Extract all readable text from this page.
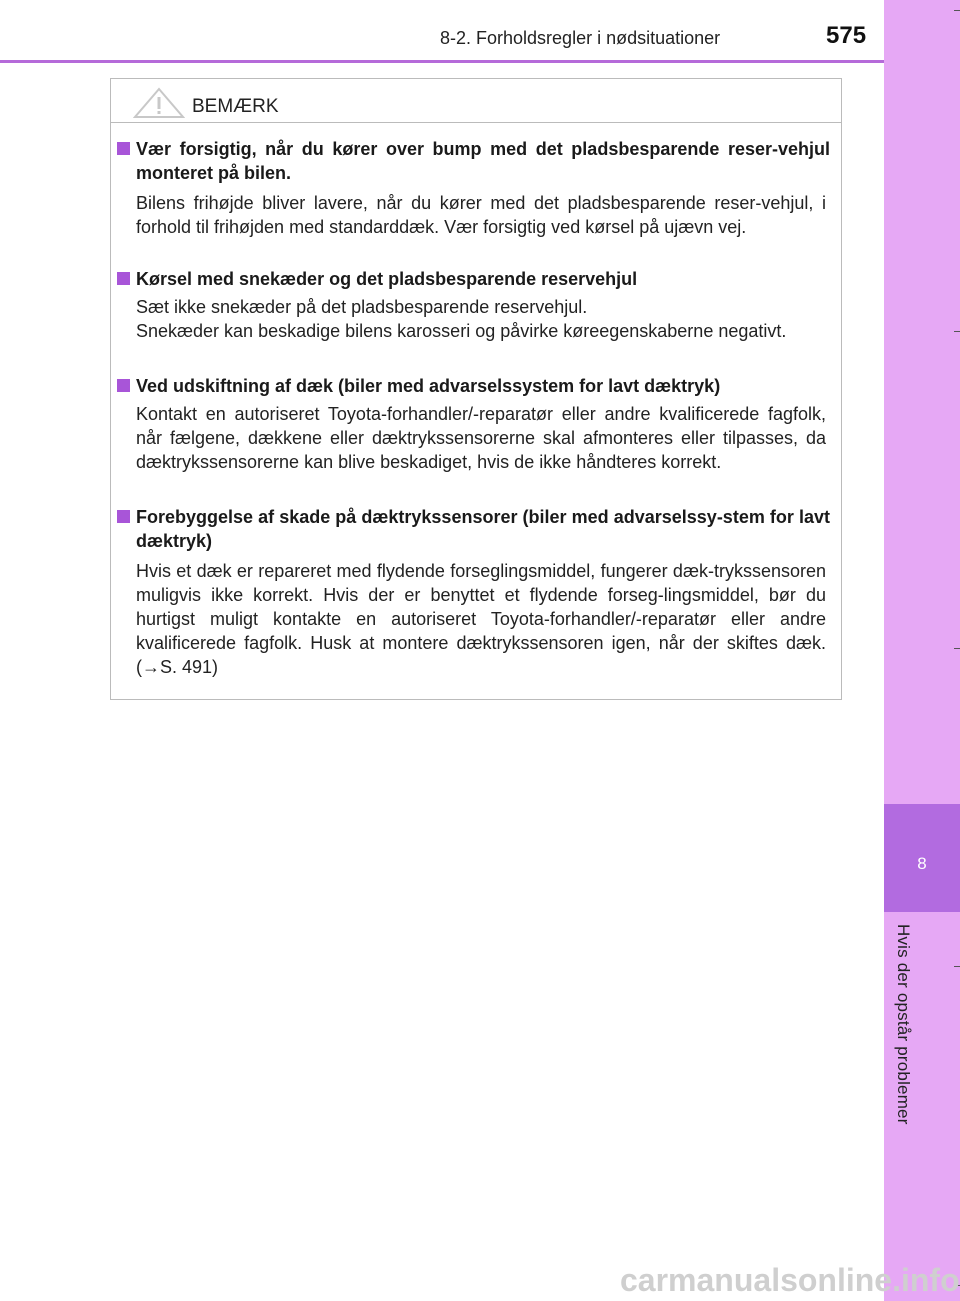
8-2. Forholdsregler i nødsituationer	575
8
Hvis der opstår problemer
BEMÆRK
Vær forsigtig, når du kører over bump med det pladsbesparende reser-vehjul monteret på bilen.
Bilens frihøjde bliver lavere, når du kører med det pladsbesparende reser-vehjul, i forhold til frihøjden med standarddæk. Vær forsigtig ved kørsel på ujævn vej.
Kørsel med snekæder og det pladsbesparende reservehjul
Sæt ikke snekæder på det pladsbesparende reservehjul.
Snekæder kan beskadige bilens karosseri og påvirke køreegenskaberne negativt.
Ved udskiftning af dæk (biler med advarselssystem for lavt dæktryk)
Kontakt en autoriseret Toyota-forhandler/-reparatør eller andre kvalificerede fagfolk, når fælgene, dækkene eller dæktrykssensorerne skal afmonteres eller tilpasses, da dæktrykssensorerne kan blive beskadiget, hvis de ikke håndteres korrekt.
Forebyggelse af skade på dæktrykssensorer (biler med advarselssy-stem for lavt dæktryk)
Hvis et dæk er repareret med flydende forseglingsmiddel, fungerer dæk-trykssensoren muligvis ikke korrekt. Hvis der er benyttet et flydende forseg-lingsmiddel, bør du hurtigst muligt kontakte en autoriseret Toyota-forhandler/-reparatør eller andre kvalificerede fagfolk. Husk at montere dæktrykssensoren igen, når der skiftes dæk. (→S. 491)
carmanualsonline.info
